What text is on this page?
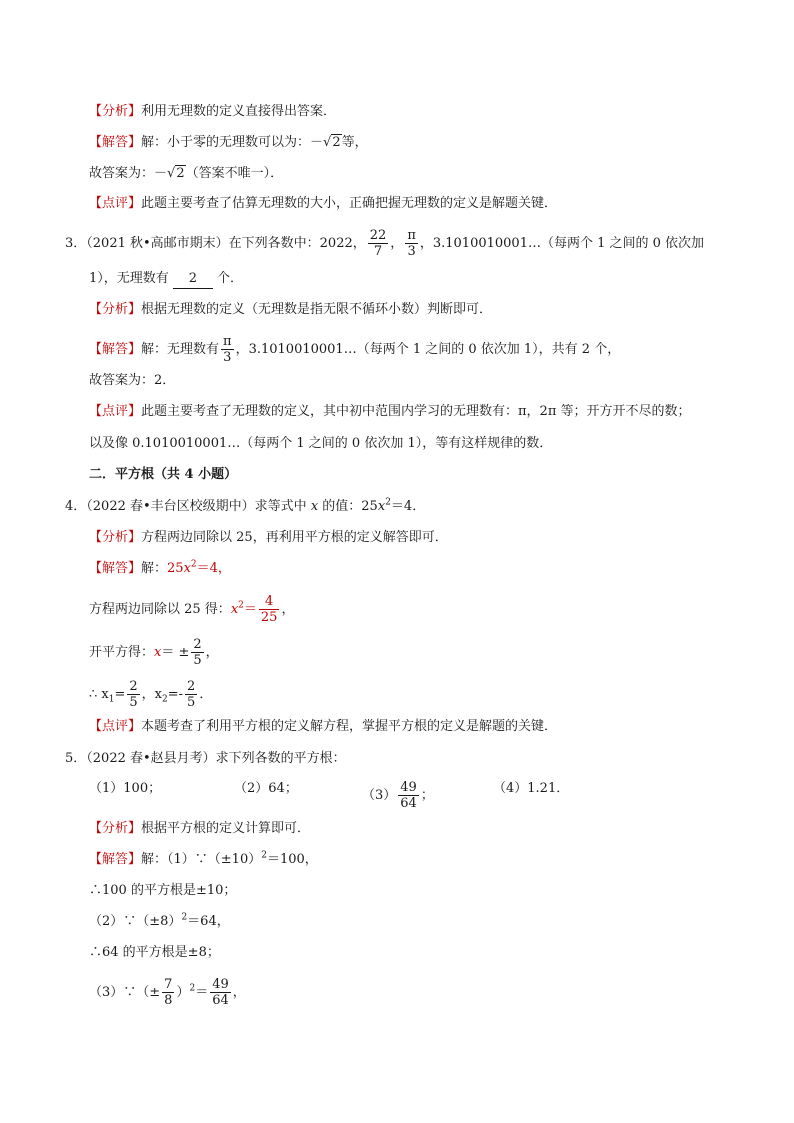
【分析】利用无理数的定义直接得出答案．
【解答】解：小于零的无理数可以为：－√2等，
故答案为：－√2（答案不唯一）．
【点评】此题主要考查了估算无理数的大小，正确把握无理数的定义是解题关键．
3．（2021 秋•高邮市期末）在下列各数中：2022， $\frac{22}{7}$ ， $\frac{\pi}{3}$ ，3.1010010001…（每两个 1 之间的 0 依次加
1），无理数有 2 个．
【分析】根据无理数的定义（无理数是指无限不循环小数）判断即可．
【解答】解：无理数有 $\frac{\pi}{3}$ ，3.1010010001…（每两个 1 之间的 0 依次加 1），共有 2 个，
故答案为：2．
【点评】此题主要考查了无理数的定义，其中初中范围内学习的无理数有：π，2π 等；开方开不尽的数；
以及像 0.1010010001…（每两个 1 之间的 0 依次加 1），等有这样规律的数．
二．平方根（共 4 小题）
4．（2022 春•丰台区校级期中）求等式中 x 的值：$25x^2=4$．
【分析】方程两边同除以 25，再利用平方根的定义解答即可．
【解答】解：$25x^2=4$，
方程两边同除以 25 得：$x^2= \frac{4}{25}$ ，
开平方得：$x= \pm \frac{2}{5}$ ，
∴ $x_1= \frac{2}{5}$ ，$x_2=- \frac{2}{5}$ ．
【点评】本题考查了利用平方根的定义解方程，掌握平方根的定义是解题的关键．
5．（2022 春•赵县月考）求下列各数的平方根：
（1）100；	（2）64；	$(3) \frac{49}{64}$ ；	（4）1.21．
【分析】根据平方根的定义计算即可．
【解答】解：$(1)\because(\pm 10)^2=100$，
∴100 的平方根是±10；
$(2)\because(\pm 8)^2=64$，
∴64 的平方根是±8；
（3）∵（± $\frac{7}{8} )^2= \frac{49}{64}$ ，
